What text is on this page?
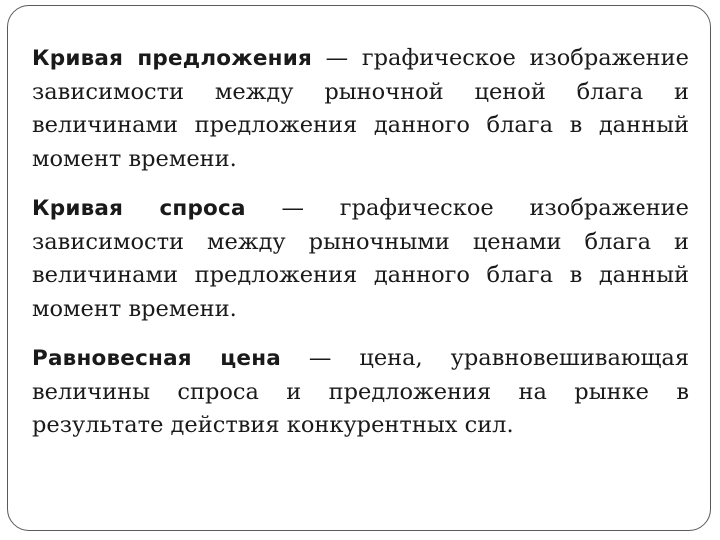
Кривая предложения — графическое изображение зависимости между рыночной ценой блага и величинами предложения данного блага в данный момент времени.

Кривая спроса — графическое изображение зависимости между рыночными ценами блага и величинами предложения данного блага в данный момент времени.

Равновесная цена — цена, уравновешивающая величины спроса и предложения на рынке в результате действия конкурентных сил.
